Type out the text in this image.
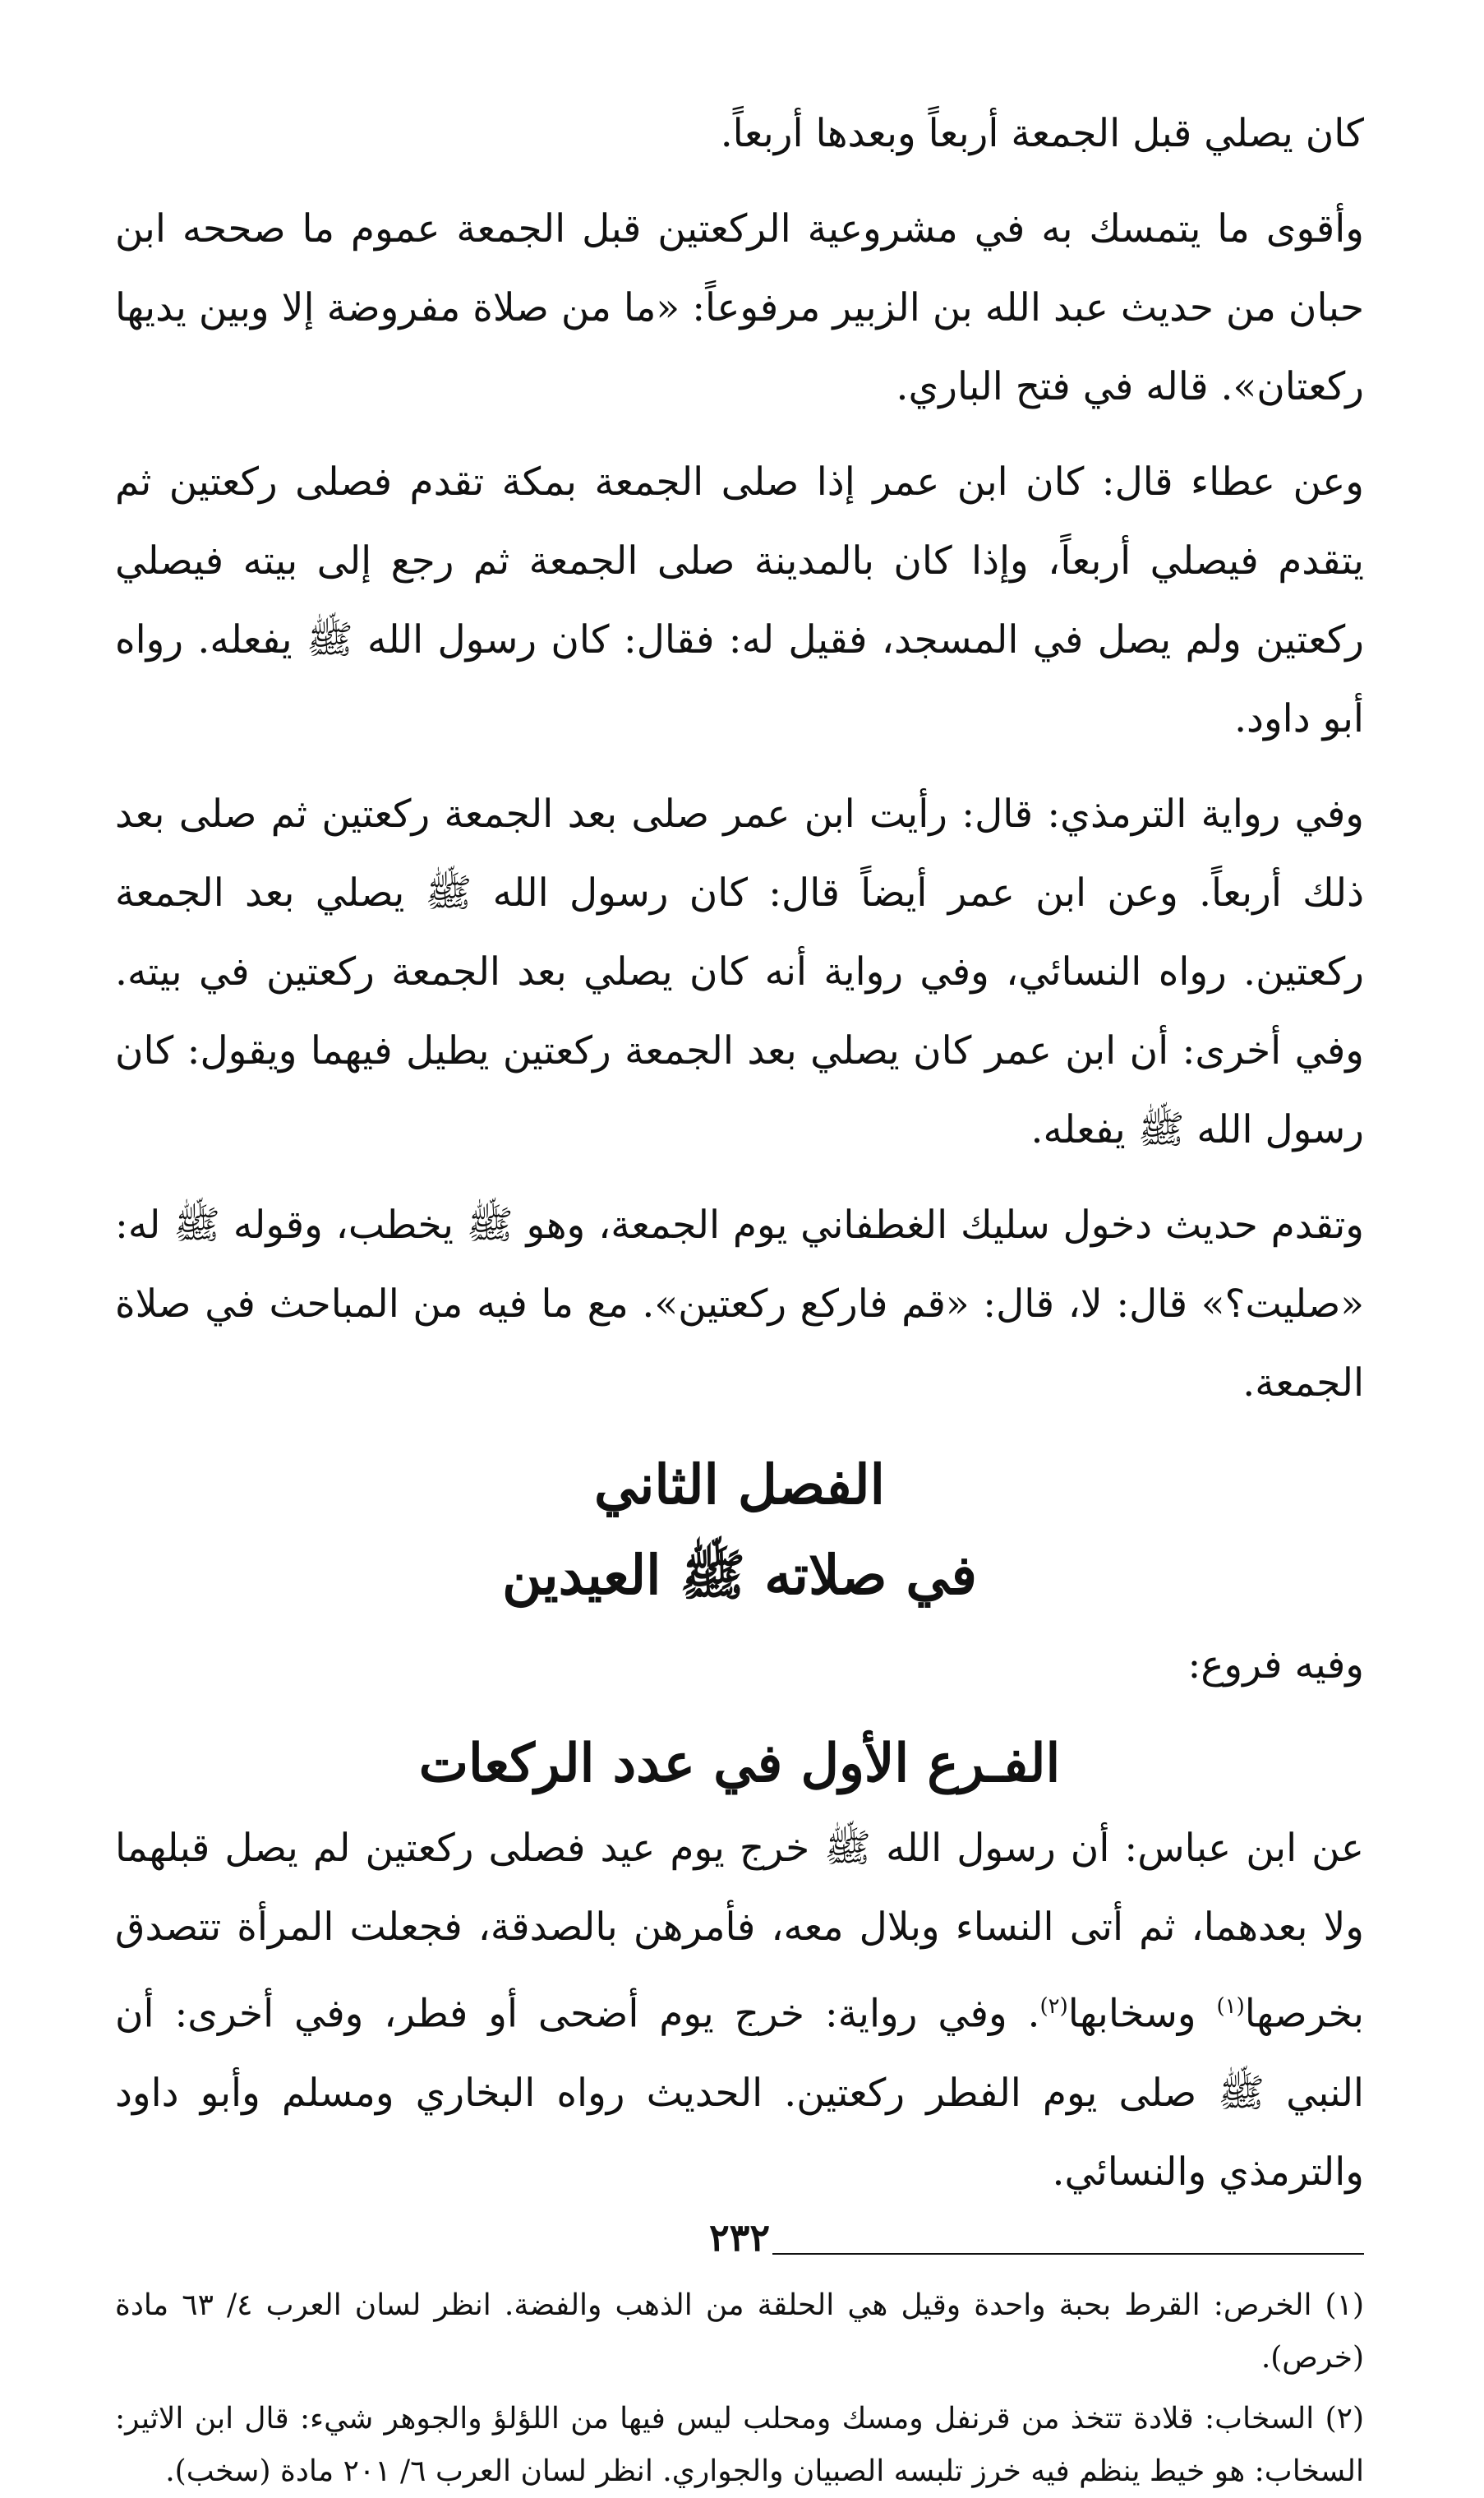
كان يصلي قبل الجمعة أربعاً وبعدها أربعاً.

وأقوى ما يتمسك به في مشروعية الركعتين قبل الجمعة عموم ما صححه ابن حبان من حديث عبد الله بن الزبير مرفوعاً: «ما من صلاة مفروضة إلا وبين يديها ركعتان». قاله في فتح الباري.

وعن عطاء قال: كان ابن عمر إذا صلى الجمعة بمكة تقدم فصلى ركعتين ثم يتقدم فيصلي أربعاً، وإذا كان بالمدينة صلى الجمعة ثم رجع إلى بيته فيصلي ركعتين ولم يصل في المسجد، فقيل له: فقال: كان رسول الله ﷺ يفعله. رواه أبو داود.

وفي رواية الترمذي: قال: رأيت ابن عمر صلى بعد الجمعة ركعتين ثم صلى بعد ذلك أربعاً. وعن ابن عمر أيضاً قال: كان رسول الله ﷺ يصلي بعد الجمعة ركعتين. رواه النسائي، وفي رواية أنه كان يصلي بعد الجمعة ركعتين في بيته. وفي أخرى: أن ابن عمر كان يصلي بعد الجمعة ركعتين يطيل فيهما ويقول: كان رسول الله ﷺ يفعله.

وتقدم حديث دخول سليك الغطفاني يوم الجمعة، وهو ﷺ يخطب، وقوله ﷺ له: «صليت؟» قال: لا، قال: «قم فاركع ركعتين». مع ما فيه من المباحث في صلاة الجمعة.

الفصل الثاني
في صلاته ﷺ العيدين

وفيه فروع:

الفـرع الأول في عدد الركعات

عن ابن عباس: أن رسول الله ﷺ خرج يوم عيد فصلى ركعتين لم يصل قبلهما ولا بعدهما، ثم أتى النساء وبلال معه، فأمرهن بالصدقة، فجعلت المرأة تتصدق بخرصها$^{(١)}$ وسخابها$^{(٢)}$. وفي رواية: خرج يوم أضحى أو فطر، وفي أخرى: أن النبي ﷺ صلى يوم الفطر ركعتين. الحديث رواه البخاري ومسلم وأبو داود والترمذي والنسائي.

(١) الخرص: القرط بحبة واحدة وقيل هي الحلقة من الذهب والفضة. انظر لسان العرب ٤/ ٦٣ مادة (خرص).

(٢) السخاب: قلادة تتخذ من قرنفل ومسك ومحلب ليس فيها من اللؤلؤ والجوهر شيء: قال ابن الاثير: السخاب: هو خيط ينظم فيه خرز تلبسه الصبيان والجواري. انظر لسان العرب ٦/ ٢٠١ مادة (سخب).

٢٣٢
